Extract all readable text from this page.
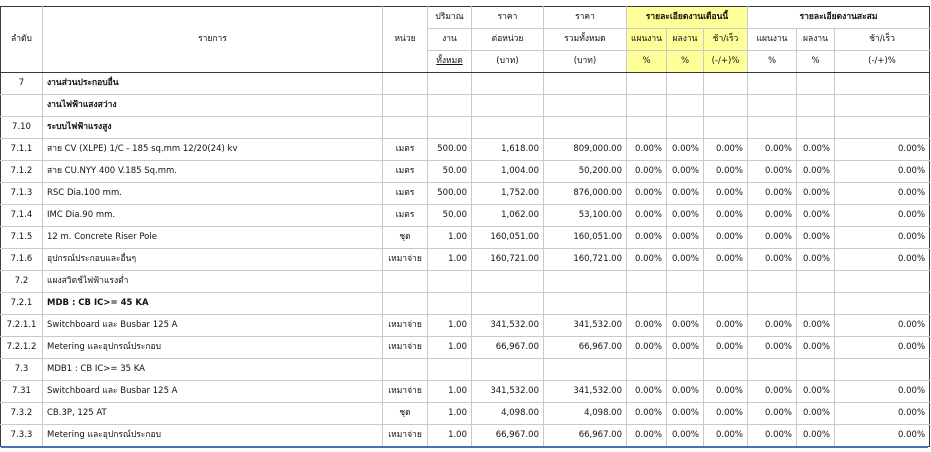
ลำดับ	รายการ	หน่วย	ปริมาณ	ราคา	ราคา	รายละเอียดงานเดือนนี้			รายละเอียดงานสะสม		
			งาน	ต่อหน่วย	รวมทั้งหมด	แผนงาน	ผลงาน	ช้า/เร็ว	แผนงาน	ผลงาน	ช้า/เร็ว
			ทั้งหมด	(บาท)	(บาท)	%	%	(-/+)%	%	%	(-/+)%
7	งานส่วนประกอบอื่น										
	งานไฟฟ้าแสงสว่าง										
7.10	ระบบไฟฟ้าแรงสูง										
7.1.1	สาย CV (XLPE) 1/C - 185 sq.mm 12/20(24) kv	เมตร	500.00	1,618.00	809,000.00	0.00%	0.00%	0.00%	0.00%	0.00%	0.00%
7.1.2	สาย CU.NYY 400 V.185 Sq.mm.	เมตร	50.00	1,004.00	50,200.00	0.00%	0.00%	0.00%	0.00%	0.00%	0.00%
7.1.3	RSC Dia.100 mm.	เมตร	500.00	1,752.00	876,000.00	0.00%	0.00%	0.00%	0.00%	0.00%	0.00%
7.1.4	IMC Dia.90 mm.	เมตร	50.00	1,062.00	53,100.00	0.00%	0.00%	0.00%	0.00%	0.00%	0.00%
7.1.5	12 m. Concrete Riser Pole	ชุด	1.00	160,051.00	160,051.00	0.00%	0.00%	0.00%	0.00%	0.00%	0.00%
7.1.6	อุปกรณ์ประกอบและอื่นๆ	เหมาจ่าย	1.00	160,721.00	160,721.00	0.00%	0.00%	0.00%	0.00%	0.00%	0.00%
7.2	แผงสวิตช์ไฟฟ้าแรงต่ำ										
7.2.1	MDB : CB IC>= 45 KA										
7.2.1.1	Switchboard และ Busbar 125 A	เหมาจ่าย	1.00	341,532.00	341,532.00	0.00%	0.00%	0.00%	0.00%	0.00%	0.00%
7.2.1.2	Metering และอุปกรณ์ประกอบ	เหมาจ่าย	1.00	66,967.00	66,967.00	0.00%	0.00%	0.00%	0.00%	0.00%	0.00%
7.3	MDB1 : CB IC>= 35 KA										
7.31	Switchboard และ Busbar 125 A	เหมาจ่าย	1.00	341,532.00	341,532.00	0.00%	0.00%	0.00%	0.00%	0.00%	0.00%
7.3.2	CB.3P, 125 AT	ชุด	1.00	4,098.00	4,098.00	0.00%	0.00%	0.00%	0.00%	0.00%	0.00%
7.3.3	Metering และอุปกรณ์ประกอบ	เหมาจ่าย	1.00	66,967.00	66,967.00	0.00%	0.00%	0.00%	0.00%	0.00%	0.00%
